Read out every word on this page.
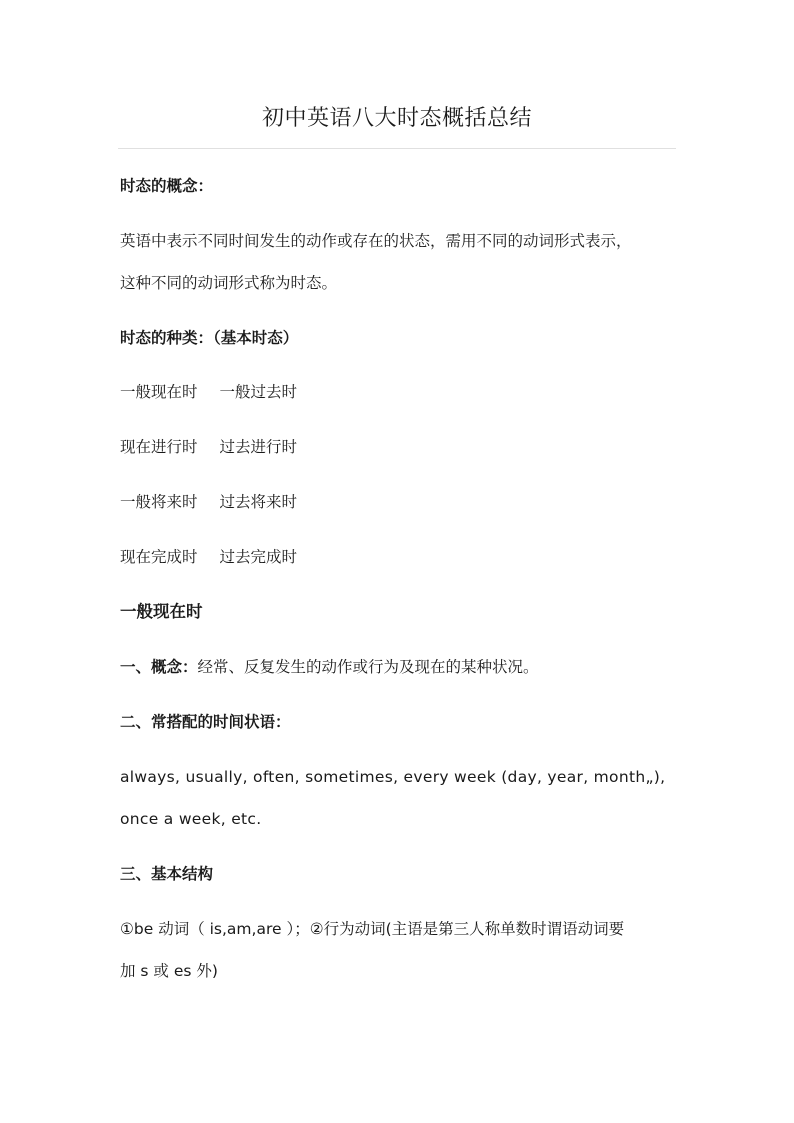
初中英语八大时态概括总结
时态的概念：
英语中表示不同时间发生的动作或存在的状态，需用不同的动词形式表示，
这种不同的动词形式称为时态。
时态的种类：（基本时态）
一般现在时 一般过去时
现在进行时 过去进行时
一般将来时 过去将来时
现在完成时 过去完成时
一般现在时
一、概念：经常、反复发生的动作或行为及现在的某种状况。
二、常搭配的时间状语：
always, usually, often, sometimes, every week (day, year, month„),
once a week, etc.
三、基本结构
①be 动词（ is,am,are ）；②行为动词(主语是第三人称单数时谓语动词要
加 s 或 es 外)
